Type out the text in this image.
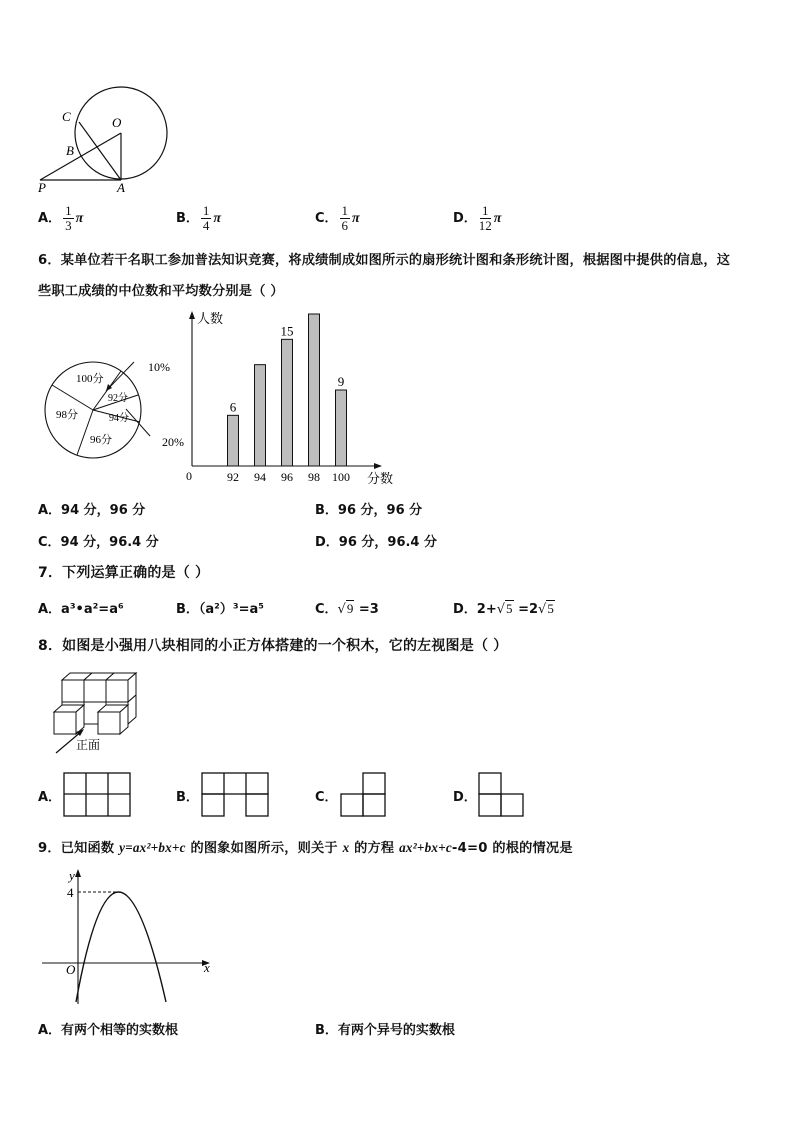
C	O
B
P	A
A． $\frac{1}{3}$ π	B． $\frac{1}{4}$ π	C． $\frac{1}{6}$ π	D． $\frac{1}{12}$ π
6．某单位若干名职工参加普法知识竞赛，将成绩制成如图所示的扇形统计图和条形统计图，根据图中提供的信息，这
些职工成绩的中位数和平均数分别是（ ）
100分
92分
94分
96分
98分
10%
20%
人数
分数
0	92
6
94 96
15
98 100
9
A．94 分，96 分	B．96 分，96 分
C．94 分，96.4 分	D．96 分，96.4 分
7．下列运算正确的是（ ）
A．a³•a²=a⁶	B．（a²）³=a⁵	C．√9 =3	D．2+√5 =2√5
8．如图是小强用八块相同的小正方体搭建的一个积木，它的左视图是（ ）
正面
A．	B．	C．	D．
9．已知函数 y=ax²+bx+c 的图象如图所示，则关于 x 的方程 ax²+bx+c-4=0 的根的情况是
y
x
O
4
A．有两个相等的实数根	B．有两个异号的实数根
